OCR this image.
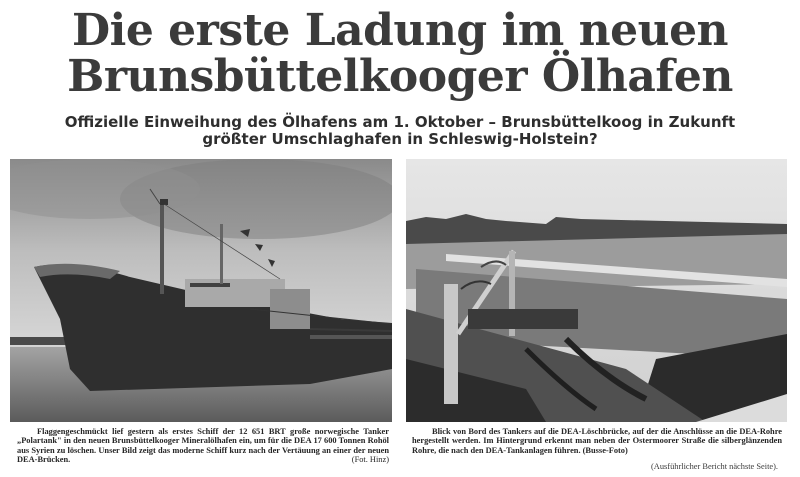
Die erste Ladung im neuen
Brunsbüttelkooger Ölhafen
Offizielle Einweihung des Ölhafens am 1. Oktober – Brunsbüttelkoog in Zukunft
größter Umschlaghafen in Schleswig-Holstein?

Flaggengeschmückt lief gestern als erstes Schiff der 12 651 BRT große norwegische Tanker „Polartank" in den neuen Brunsbüttelkooger Mineralölhafen ein, um für die DEA 17 600 Tonnen Rohöl aus Syrien zu löschen. Unser Bild zeigt das moderne Schiff kurz nach der Vertäuung an einer der neuen DEA-Brücken.	(Fot. Hinz)

Blick von Bord des Tankers auf die DEA-Löschbrücke, auf der die Anschlüsse an die DEA-Rohre hergestellt werden. Im Hintergrund erkennt man neben der Ostermoorer Straße die silberglänzenden Rohre, die nach den DEA-Tankanlagen führen. (Busse-Foto)

(Ausführlicher Bericht nächste Seite).
